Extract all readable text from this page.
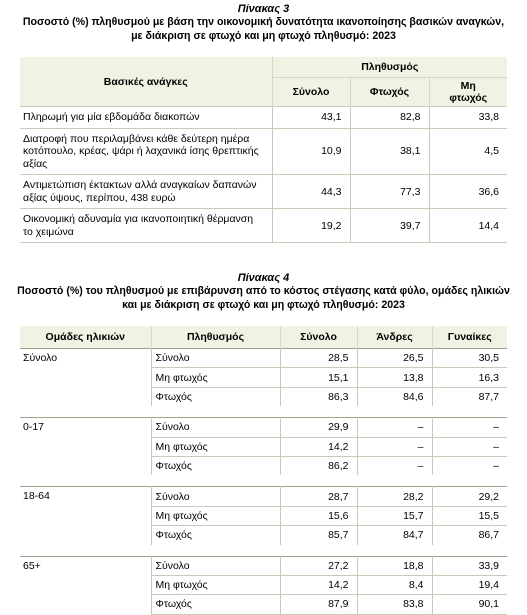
Πίνακας 3
Ποσοστό (%) πληθυσμού με βάση την οικονομική δυνατότητα ικανοποίησης βασικών αναγκών,
με διάκριση σε φτωχό και μη φτωχό πληθυσμό: 2023
Βασικές ανάγκες	Πληθυσμός		
	Σύνολο	Φτωχός	Μη
φτωχός
Πληρωμή για μία εβδομάδα διακοπών	43,1	82,8	33,8
Διατροφή που περιλαμβάνει κάθε δεύτερη ημέρα
κοτόπουλο, κρέας, ψάρι ή λαχανικά ίσης θρεπτικής
αξίας	10,9	38,1	4,5
Αντιμετώπιση έκτακτων αλλά αναγκαίων δαπανών
αξίας ύψους, περίπου, 438 ευρώ	44,3	77,3	36,6
Οικονομική αδυναμία για ικανοποιητική θέρμανση
το χειμώνα	19,2	39,7	14,4
Πίνακας 4
Ποσοστό (%) του πληθυσμού με επιβάρυνση από το κόστος στέγασης κατά φύλο, ομάδες ηλικιών
και με διάκριση σε φτωχό και μη φτωχό πληθυσμό: 2023
Ομάδες ηλικιών	Πληθυσμός	Σύνολο	Άνδρες	Γυναίκες
Σύνολο	Σύνολο	28,5	26,5	30,5
	Μη φτωχός	15,1	13,8	16,3
	Φτωχός	86,3	84,6	87,7

0-17	Σύνολο	29,9	–	–
	Μη φτωχός	14,2	–	–
	Φτωχός	86,2	–	–

18-64	Σύνολο	28,7	28,2	29,2
	Μη φτωχός	15,6	15,7	15,5
	Φτωχός	85,7	84,7	86,7

65+	Σύνολο	27,2	18,8	33,9
	Μη φτωχός	14,2	8,4	19,4
	Φτωχός	87,9	83,8	90,1
